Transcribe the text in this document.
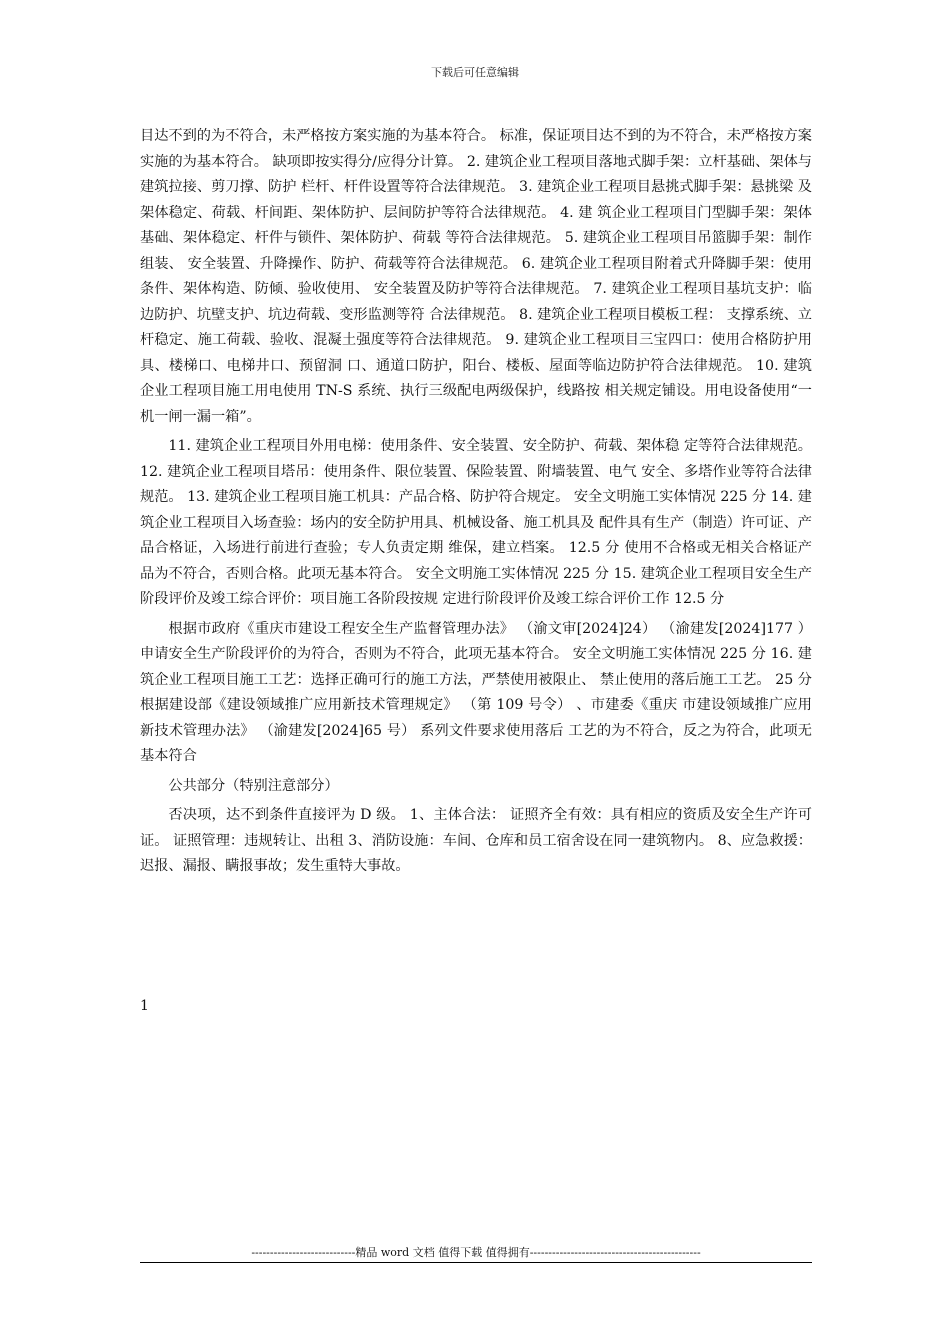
下载后可任意编辑

目达不到的为不符合，未严格按方案实施的为基本符合。 标准，保证项目达不到的为不符合，未严格按方案实施的为基本符合。 缺项即按实得分/应得分计算。 2. 建筑企业工程项目落地式脚手架：立杆基础、架体与建筑拉接、剪刀撑、防护 栏杆、杆件设置等符合法律规范。 3. 建筑企业工程项目悬挑式脚手架：悬挑梁 及架体稳定、荷载、杆间距、架体防护、层间防护等符合法律规范。 4. 建 筑企业工程项目门型脚手架：架体基础、架体稳定、杆件与锁件、架体防护、荷载 等符合法律规范。 5. 建筑企业工程项目吊篮脚手架：制作组装、 安全装置、升降操作、防护、荷载等符合法律规范。 6. 建筑企业工程项目附着式升降脚手架：使用条件、架体构造、防倾、验收使用、 安全装置及防护等符合法律规范。 7. 建筑企业工程项目基坑支护：临边防护、坑壁支护、坑边荷载、变形监测等符 合法律规范。 8. 建筑企业工程项目模板工程： 支撑系统、立杆稳定、施工荷载、验收、混凝土强度等符合法律规范。 9. 建筑企业工程项目三宝四口：使用合格防护用具、楼梯口、电梯井口、预留洞 口、通道口防护，阳台、楼板、屋面等临边防护符合法律规范。 10. 建筑企业工程项目施工用电使用 TN-S 系统、执行三级配电两级保护，线路按 相关规定铺设。用电设备使用“一机一闸一漏一箱”。

11. 建筑企业工程项目外用电梯：使用条件、安全装置、安全防护、荷载、架体稳 定等符合法律规范。 12. 建筑企业工程项目塔吊：使用条件、限位装置、保险装置、附墙装置、电气 安全、多塔作业等符合法律规范。 13. 建筑企业工程项目施工机具：产品合格、防护符合规定。 安全文明施工实体情况 225 分 14. 建筑企业工程项目入场查验：场内的安全防护用具、机械设备、施工机具及 配件具有生产（制造）许可证、产品合格证，入场进行前进行查验；专人负责定期 维保，建立档案。 12.5 分 使用不合格或无相关合格证产品为不符合，否则合格。此项无基本符合。 安全文明施工实体情况 225 分 15. 建筑企业工程项目安全生产阶段评价及竣工综合评价：项目施工各阶段按规 定进行阶段评价及竣工综合评价工作 12.5 分

根据市政府《重庆市建设工程安全生产监督管理办法》 （渝文审[2024]24） （渝建发[2024]177 ） 申请安全生产阶段评价的为符合，否则为不符合，此项无基本符合。 安全文明施工实体情况 225 分 16. 建筑企业工程项目施工工艺：选择正确可行的施工方法，严禁使用被限止、 禁止使用的落后施工工艺。 25 分 根据建设部《建设领域推广应用新技术管理规定》 （第 109 号令） 、市建委《重庆 市建设领域推广应用新技术管理办法》 （渝建发[2024]65 号） 系列文件要求使用落后 工艺的为不符合，反之为符合，此项无基本符合

公共部分（特别注意部分）

否决项，达不到条件直接评为 D 级。 1、主体合法： 证照齐全有效：具有相应的资质及安全生产许可证。 证照管理：违规转让、出租 3、消防设施：车间、仓库和员工宿舍设在同一建筑物内。 8、应急救援：迟报、漏报、瞒报事故；发生重特大事故。

1
----------------------------精品 word 文档 值得下载 值得拥有----------------------------------------------
